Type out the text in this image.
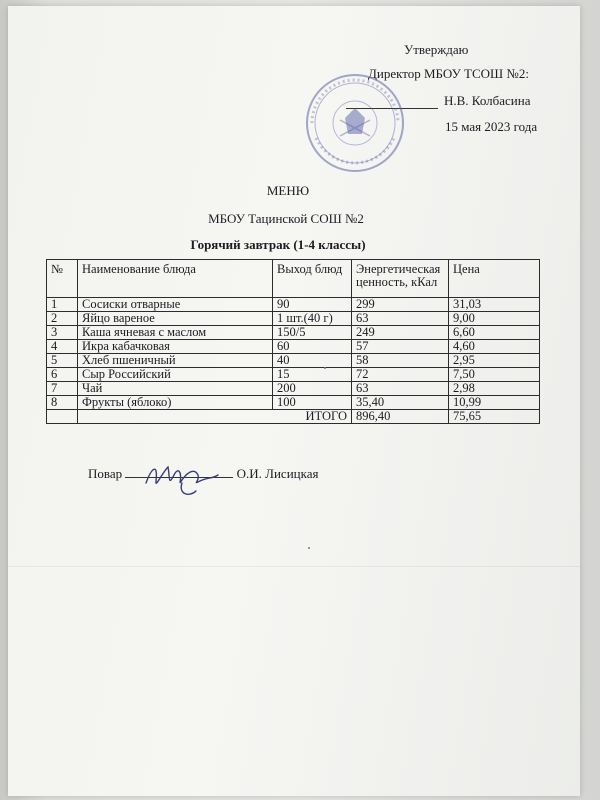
Утверждаю
Директор МБОУ ТСОШ №2:
Н.В. Колбасина
15 мая 2023 года
МЕНЮ
МБОУ Тацинской СОШ №2
Горячий завтрак (1-4 классы)
№	Наименование блюда	Выход блюд	Энергетическая ценность, кКал	Цена
1	Сосиски отварные	90	299	31,03
2	Яйцо вареное	1 шт.(40 г)	63	9,00
3	Каша ячневая с маслом	150/5	249	6,60
4	Икра кабачковая	60	57	4,60
5	Хлеб пшеничный	40	58	2,95
6	Сыр Российский	15	72	7,50
7	Чай	200	63	2,98
8	Фрукты (яблоко)	100	35,40	10,99
	ИТОГО		896,40	75,65
Повар	О.И. Лисицкая
